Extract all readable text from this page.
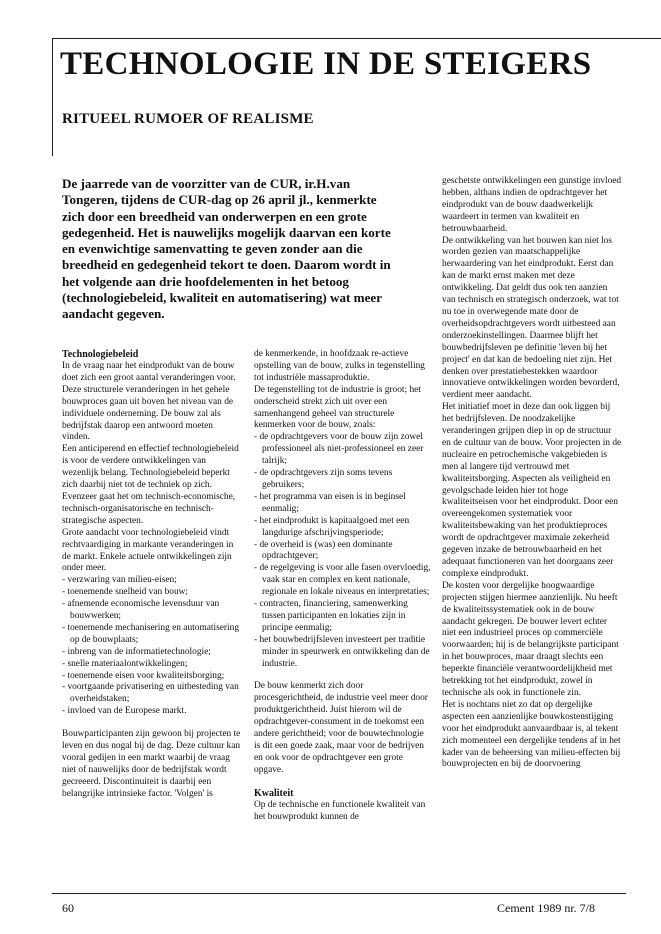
TECHNOLOGIE IN DE STEIGERS
RITUEEL RUMOER OF REALISME

De jaarrede van de voorzitter van de CUR, ir.H.van Tongeren, tijdens de CUR-dag op 26 april jl., kenmerkte zich door een breedheid van onderwerpen en een grote gedegenheid. Het is nauwelijks mogelijk daarvan een korte en evenwichtige samenvatting te geven zonder aan die breedheid en gedegenheid tekort te doen. Daarom wordt in het volgende aan drie hoofdelementen in het betoog (technologiebeleid, kwaliteit en automatisering) wat meer aandacht gegeven.

Technologiebeleid

In de vraag naar het eindprodukt van de bouw doet zich een groot aantal veranderingen voor. Deze structurele veranderingen in het gehele bouwproces gaan uit boven het niveau van de individuele onderneming. De bouw zal als bedrijfstak daarop een antwoord moeten vinden.

Een anticiperend en effectief technologiebeleid is voor de verdere ontwikkelingen van wezenlijk belang. Technologiebeleid beperkt zich daarbij niet tot de techniek op zich. Evenzeer gaat het om technisch-economische, technisch-organisatorische en technisch-strategische aspecten.

Grote aandacht voor technologiebeleid vindt rechtvaardiging in markante veranderingen in de markt. Enkele actuele ontwikkelingen zijn onder meer.

- verzwaring van milieu-eisen;
- toenemende snelheid van bouw;
- afnemende economische levensduur van bouwwerken;
- toenemende mechanisering en automatisering op de bouwplaats;
- inbreng van de informatietechnologie;
- snelle materiaalontwikkelingen;
- toenemende eisen voor kwaliteitsborging;
- voortgaande privatisering en uitbesteding van overheidstaken;
- invloed van de Europese markt.

Bouwparticipanten zijn gewoon bij projecten te leven en dus nogal bij de dag. Deze cultuur kan vooral gedijen in een markt waarbij de vraag niet of nauwelijks door de bedrijfstak wordt gecreeerd. Discontinuiteit is daarbij een belangrijke intrinsieke factor. 'Volgen' is

de kenmerkende, in hoofdzaak re-actieve opstelling van de bouw, zulks in tegenstelling tot industriële massaproduktie.

De tegenstelling tot de industrie is groot; het onderscheid strekt zich uit over een samenhangend geheel van structurele kenmerken voor de bouw, zoals:

- de opdrachtgevers voor de bouw zijn zowel professioneel als niet-professioneel en zeer talrijk;
- de opdrachtgevers zijn soms tevens gebruikers;
- het programma van eisen is in beginsel eenmalig;
- het eindprodukt is kapitaalgoed met een langdurige afschrijvingsperiode;
- de overheid is (was) een dominante opdrachtgever;
- de regelgeving is voor alle fasen overvloedig, vaak star en complex en kent nationale, regionale en lokale niveaus en interpretaties;
- contracten, financiering, samenwerking tussen participanten en lokaties zijn in principe eenmalig;
- het bouwbedrijfsleven investeert per traditie minder in speurwerk en ontwikkeling dan de industrie.

De bouw kenmerkt zich door procesgerichtheid, de industrie veel meer door produktgerichtheid. Juist hierom wil de opdrachtgever-consument in de toekomst een andere gerichtheid; voor de bouwtechnologie is dit een goede zaak, maar voor de bedrijven en ook voor de opdrachtgever een grote opgave.

Kwaliteit

Op de technische en functionele kwaliteit van het bouwprodukt kunnen de

geschetste ontwikkelingen een gunstige invloed hebben, althans indien de opdrachtgever het eindprodukt van de bouw daadwerkelijk waardeert in termen van kwaliteit en betrouwbaarheid.

De ontwikkeling van het bouwen kan niet los worden gezien van maatschappelijke herwaardering van het eindprodukt. Eerst dan kan de markt ernst maken met deze ontwikkeling. Dat geldt dus ook ten aanzien van technisch en strategisch onderzoek, wat tot nu toe in overwegende mate door de overheidsopdrachtgevers wordt uitbesteed aan onderzoekinstellingen. Daarmee blijft het bouwbedrijfsleven pe definitie 'leven bij het project' en dat kan de bedoeling niet zijn. Het denken over prestatiebestekken waardoor innovatieve ontwikkelingen worden bevorderd, verdient meer aandacht.

Het initiatief moet in deze dan ook liggen bij het bedrijfsleven. De noodzakelijke veranderingen grijpen diep in op de structuur en de cultuur van de bouw. Voor projecten in de nucleaire en petrochemische vakgebieden is men al langere tijd vertrouwd met kwaliteitsborging. Aspecten als veiligheid en gevolgschade leiden hier tot hoge kwaliteitseisen voor het eindprodukt. Door een overeengekomen systematiek voor kwaliteitsbewaking van het produktieproces wordt de opdrachtgever maximale zekerheid gegeven inzake de betrouwbaarheid en het adequaat functioneren van het doorgaans zeer complexe eindprodukt.

De kosten voor dergelijke hoogwaardige projecten stijgen hiermee aanzienlijk. Nu heeft de kwaliteitssystematiek ook in de bouw aandacht gekregen. De bouwer levert echter niet een industrieel proces op commerciële voorwaarden; hij is de belangrijkste participant in het bouwproces, maar draagt slechts een beperkte financiële verantwoordelijkheid met betrekking tot het eindprodukt, zowel in technische als ook in functionele zin.

Het is nochtans niet zo dat op dergelijke aspecten een aanzienlijke bouwkostenstijging voor het eindprodukt aanvaardbaar is, al tekent zich momenteel een dergelijke tendens af in het kader van de beheersing van milieu-effecten bij bouwprojecten en bij de doorvoering

60	Cement 1989 nr. 7/8
